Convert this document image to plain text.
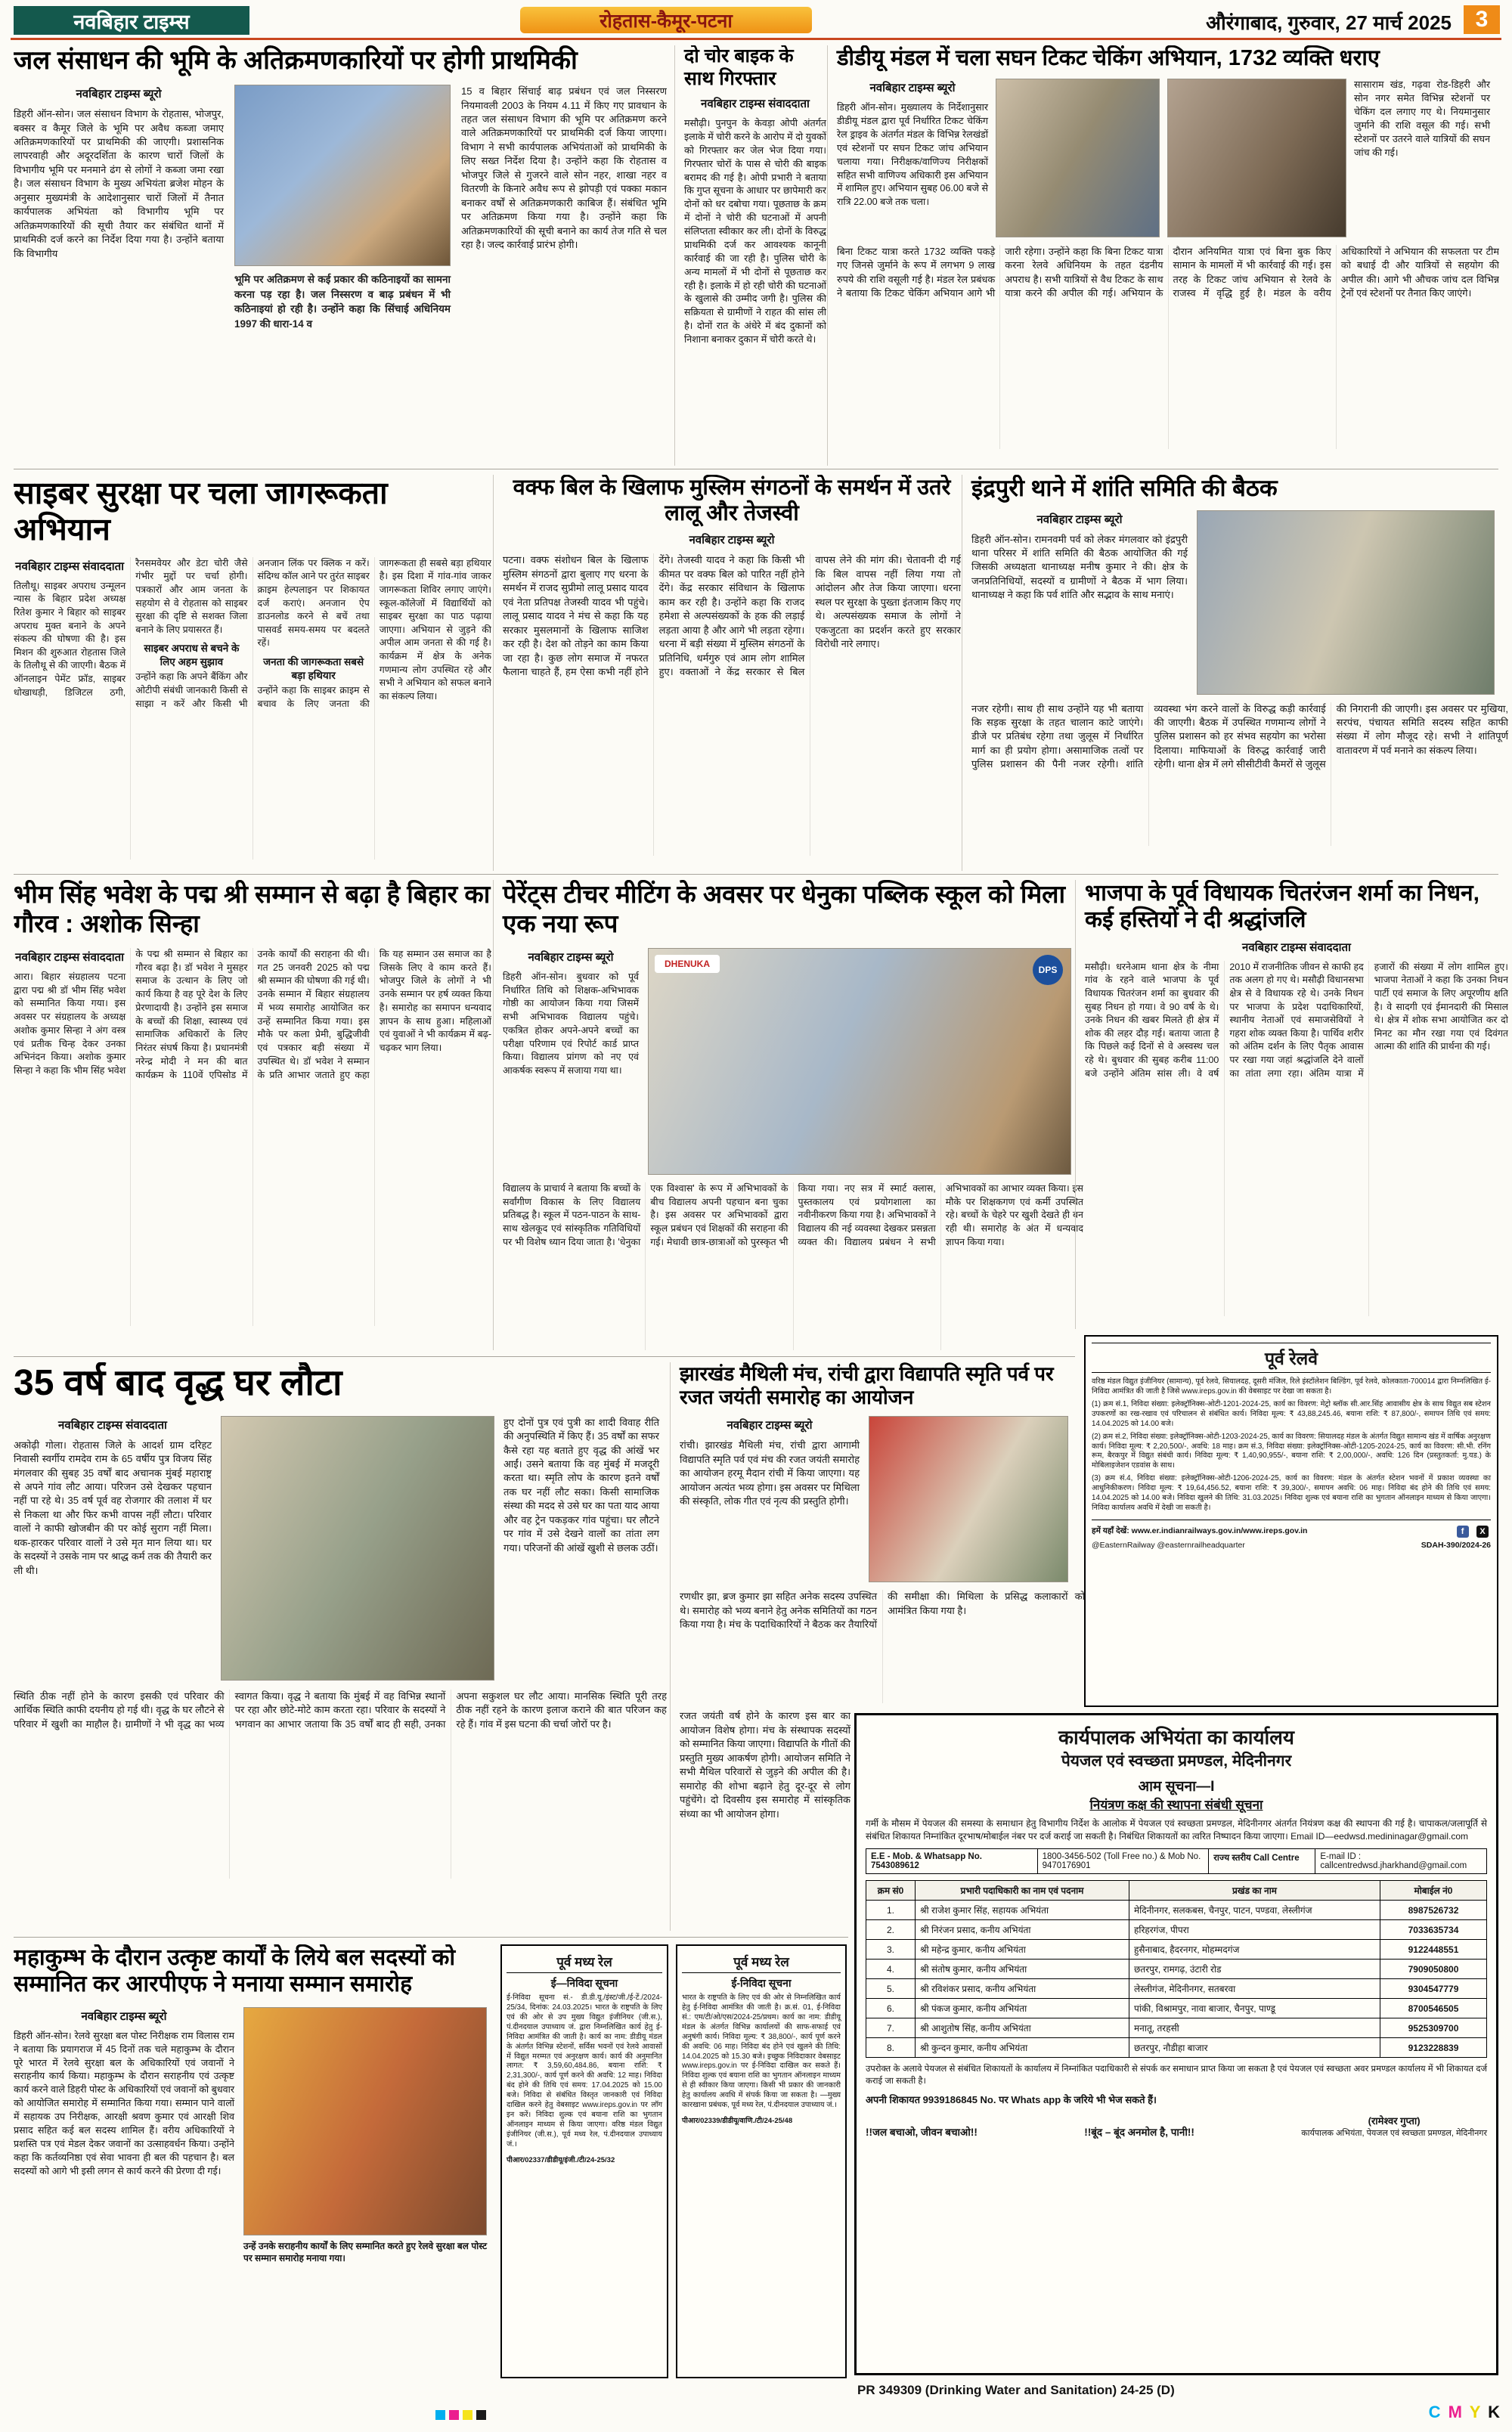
नवबिहार टाइम्स	रोहतास-कैमूर-पटना	औरंगाबाद, गुरुवार, 27 मार्च 2025	3
जल संसाधन की भूमि के अतिक्रमणकारियों पर होगी प्राथमिकी
नवबिहार टाइम्स ब्यूरो
डिहरी ऑन-सोन। जल संसाधन विभाग के रोहतास, भोजपुर, बक्सर व कैमूर जिले के भूमि पर अवैध कब्जा जमाए अतिक्रमणकारियों पर प्राथमिकी की जाएगी। प्रशासनिक लापरवाही और अदूरदर्शिता के कारण चारों जिलों के विभागीय भूमि पर मनमाने ढंग से लोगों ने कब्जा जमा रखा है। जल संसाधन विभाग के मुख्य अभियंता ब्रजेश मोहन के अनुसार मुख्यमंत्री के आदेशानुसार चारों जिलों में तैनात कार्यपालक अभियंता को विभागीय भूमि पर अतिक्रमणकारियों की सूची तैयार कर संबंधित थानों में प्राथमिकी दर्ज करने का निर्देश दिया गया है। उन्होंने बताया कि विभागीय
भूमि पर अतिक्रमण से कई प्रकार की कठिनाइयों का सामना करना पड़ रहा है। जल निस्सरण व बाढ़ प्रबंधन में भी कठिनाइयां हो रही है। उन्होंने कहा कि सिंचाई अधिनियम 1997 की धारा-14 व
15 व बिहार सिंचाई बाढ़ प्रबंधन एवं जल निस्सरण नियमावली 2003 के नियम 4.11 में किए गए प्रावधान के तहत जल संसाधन विभाग की भूमि पर अतिक्रमण करने वाले अतिक्रमणकारियों पर प्राथमिकी दर्ज किया जाएगा। विभाग ने सभी कार्यपालक अभियंताओं को प्राथमिकी के लिए सख्त निर्देश दिया है। उन्होंने कहा कि रोहतास व भोजपुर जिले से गुजरने वाले सोन नहर, शाखा नहर व वितरणी के किनारे अवैध रूप से झोपड़ी एवं पक्का मकान बनाकर वर्षों से अतिक्रमणकारी काबिज हैं। संबंधित भूमि पर अतिक्रमण किया गया है। उन्होंने कहा कि अतिक्रमणकारियों की सूची बनाने का कार्य तेज गति से चल रहा है। जल्द कार्रवाई प्रारंभ होगी।
दो चोर बाइक के साथ गिरफ्तार
नवबिहार टाइम्स संवाददाता
मसौढ़ी। पुनपुन के केवड़ा ओपी अंतर्गत इलाके में चोरी करने के आरोप में दो युवकों को गिरफ्तार कर जेल भेज दिया गया। गिरफ्तार चोरों के पास से चोरी की बाइक बरामद की गई है। ओपी प्रभारी ने बताया कि गुप्त सूचना के आधार पर छापेमारी कर दोनों को धर दबोचा गया। पूछताछ के क्रम में दोनों ने चोरी की घटनाओं में अपनी संलिप्तता स्वीकार कर ली। दोनों के विरुद्ध प्राथमिकी दर्ज कर आवश्यक कानूनी कार्रवाई की जा रही है। पुलिस चोरी के अन्य मामलों में भी दोनों से पूछताछ कर रही है। इलाके में हो रही चोरी की घटनाओं के खुलासे की उम्मीद जगी है। पुलिस की सक्रियता से ग्रामीणों ने राहत की सांस ली है। दोनों रात के अंधेरे में बंद दुकानों को निशाना बनाकर दुकान में चोरी करते थे।
डीडीयू मंडल में चला सघन टिकट चेकिंग अभियान, 1732 व्यक्ति धराए
नवबिहार टाइम्स ब्यूरो
डिहरी ऑन-सोन। मुख्यालय के निर्देशानुसार डीडीयू मंडल द्वारा पूर्व निर्धारित टिकट चेकिंग रेल ड्राइव के अंतर्गत मंडल के विभिन्न रेलखंडों एवं स्टेशनों पर सघन टिकट जांच अभियान चलाया गया। निरीक्षक/वाणिज्य निरीक्षकों सहित सभी वाणिज्य अधिकारी इस अभियान में शामिल हुए। अभियान सुबह 06.00 बजे से रात्रि 22.00 बजे तक चला।
सासाराम खंड, गढ़वा रोड-डिहरी और सोन नगर समेत विभिन्न स्टेशनों पर चेकिंग दल लगाए गए थे। नियमानुसार जुर्माने की राशि वसूल की गई। सभी स्टेशनों पर उतरने वाले यात्रियों की सघन जांच की गई।
बिना टिकट यात्रा करते 1732 व्यक्ति पकड़े गए जिनसे जुर्माने के रूप में लगभग 9 लाख रुपये की राशि वसूली गई है। मंडल रेल प्रबंधक ने बताया कि टिकट चेकिंग अभियान आगे भी जारी रहेगा। उन्होंने कहा कि बिना टिकट यात्रा करना रेलवे अधिनियम के तहत दंडनीय अपराध है। सभी यात्रियों से वैध टिकट के साथ यात्रा करने की अपील की गई। अभियान के दौरान अनियमित यात्रा एवं बिना बुक किए सामान के मामलों में भी कार्रवाई की गई। इस तरह के टिकट जांच अभियान से रेलवे के राजस्व में वृद्धि हुई है। मंडल के वरीय अधिकारियों ने अभियान की सफलता पर टीम को बधाई दी और यात्रियों से सहयोग की अपील की। आगे भी औचक जांच दल विभिन्न ट्रेनों एवं स्टेशनों पर तैनात किए जाएंगे।
साइबर सुरक्षा पर चला जागरूकता अभियान
नवबिहार टाइम्स संवाददाता
तिलौथू। साइबर अपराध उन्मूलन न्यास के बिहार प्रदेश अध्यक्ष रितेश कुमार ने बिहार को साइबर अपराध मुक्त बनाने के अपने संकल्प की घोषणा की है। इस मिशन की शुरुआत रोहतास जिले के तिलौथू से की जाएगी। बैठक में ऑनलाइन पेमेंट फ्रॉड, साइबर धोखाधड़ी, डिजिटल ठगी, रैनसमवेयर और डेटा चोरी जैसे गंभीर मुद्दों पर चर्चा होगी। पत्रकारों और आम जनता के सहयोग से वे रोहतास को साइबर सुरक्षा की दृष्टि से सशक्त जिला बनाने के लिए प्रयासरत हैं।
साइबर अपराध से बचने के लिए अहम सुझाव
उन्होंने कहा कि अपने बैंकिंग और ओटीपी संबंधी जानकारी किसी से साझा न करें और किसी भी अनजान लिंक पर क्लिक न करें। संदिग्ध कॉल आने पर तुरंत साइबर क्राइम हेल्पलाइन पर शिकायत दर्ज कराएं। अनजान ऐप डाउनलोड करने से बचें तथा पासवर्ड समय-समय पर बदलते रहें।
जनता की जागरूकता सबसे बड़ा हथियार
उन्होंने कहा कि साइबर क्राइम से बचाव के लिए जनता की जागरूकता ही सबसे बड़ा हथियार है। इस दिशा में गांव-गांव जाकर जागरूकता शिविर लगाए जाएंगे। स्कूल-कॉलेजों में विद्यार्थियों को साइबर सुरक्षा का पाठ पढ़ाया जाएगा। अभियान से जुड़ने की अपील आम जनता से की गई है। कार्यक्रम में क्षेत्र के अनेक गणमान्य लोग उपस्थित रहे और सभी ने अभियान को सफल बनाने का संकल्प लिया।
वक्फ बिल के खिलाफ मुस्लिम संगठनों के समर्थन में उतरे लालू और तेजस्वी
नवबिहार टाइम्स ब्यूरो
पटना। वक्फ संशोधन बिल के खिलाफ मुस्लिम संगठनों द्वारा बुलाए गए धरना के समर्थन में राजद सुप्रीमो लालू प्रसाद यादव एवं नेता प्रतिपक्ष तेजस्वी यादव भी पहुंचे। लालू प्रसाद यादव ने मंच से कहा कि यह सरकार मुसलमानों के खिलाफ साजिश कर रही है। देश को तोड़ने का काम किया जा रहा है। कुछ लोग समाज में नफरत फैलाना चाहते हैं, हम ऐसा कभी नहीं होने देंगे। तेजस्वी यादव ने कहा कि किसी भी कीमत पर वक्फ बिल को पारित नहीं होने देंगे। केंद्र सरकार संविधान के खिलाफ काम कर रही है। उन्होंने कहा कि राजद हमेशा से अल्पसंख्यकों के हक की लड़ाई लड़ता आया है और आगे भी लड़ता रहेगा। धरना में बड़ी संख्या में मुस्लिम संगठनों के प्रतिनिधि, धर्मगुरु एवं आम लोग शामिल हुए। वक्ताओं ने केंद्र सरकार से बिल वापस लेने की मांग की। चेतावनी दी गई कि बिल वापस नहीं लिया गया तो आंदोलन और तेज किया जाएगा। धरना स्थल पर सुरक्षा के पुख्ता इंतजाम किए गए थे। अल्पसंख्यक समाज के लोगों ने एकजुटता का प्रदर्शन करते हुए सरकार विरोधी नारे लगाए।
इंद्रपुरी थाने में शांति समिति की बैठक
नवबिहार टाइम्स ब्यूरो
डिहरी ऑन-सोन। रामनवमी पर्व को लेकर मंगलवार को इंद्रपुरी थाना परिसर में शांति समिति की बैठक आयोजित की गई जिसकी अध्यक्षता थानाध्यक्ष मनीष कुमार ने की। क्षेत्र के जनप्रतिनिधियों, सदस्यों व ग्रामीणों ने बैठक में भाग लिया। थानाध्यक्ष ने कहा कि पर्व शांति और सद्भाव के साथ मनाएं।
नजर रहेगी। साथ ही साथ उन्होंने यह भी बताया कि सड़क सुरक्षा के तहत चालान काटे जाएंगे। डीजे पर प्रतिबंध रहेगा तथा जुलूस में निर्धारित मार्ग का ही प्रयोग होगा। असामाजिक तत्वों पर पुलिस प्रशासन की पैनी नजर रहेगी। शांति व्यवस्था भंग करने वालों के विरुद्ध कड़ी कार्रवाई की जाएगी। बैठक में उपस्थित गणमान्य लोगों ने पुलिस प्रशासन को हर संभव सहयोग का भरोसा दिलाया। माफियाओं के विरुद्ध कार्रवाई जारी रहेगी। थाना क्षेत्र में लगे सीसीटीवी कैमरों से जुलूस की निगरानी की जाएगी। इस अवसर पर मुखिया, सरपंच, पंचायत समिति सदस्य सहित काफी संख्या में लोग मौजूद रहे। सभी ने शांतिपूर्ण वातावरण में पर्व मनाने का संकल्प लिया।
भीम सिंह भवेश के पद्म श्री सम्मान से बढ़ा है बिहार का गौरव : अशोक सिन्हा
नवबिहार टाइम्स संवाददाता
आरा। बिहार संग्रहालय पटना द्वारा पद्म श्री डॉ भीम सिंह भवेश को सम्मानित किया गया। इस अवसर पर संग्रहालय के अध्यक्ष अशोक कुमार सिन्हा ने अंग वस्त्र एवं प्रतीक चिन्ह देकर उनका अभिनंदन किया। अशोक कुमार सिन्हा ने कहा कि भीम सिंह भवेश के पद्म श्री सम्मान से बिहार का गौरव बढ़ा है। डॉ भवेश ने मुसहर समाज के उत्थान के लिए जो कार्य किया है वह पूरे देश के लिए प्रेरणादायी है। उन्होंने इस समाज के बच्चों की शिक्षा, स्वास्थ्य एवं सामाजिक अधिकारों के लिए निरंतर संघर्ष किया है। प्रधानमंत्री नरेन्द्र मोदी ने मन की बात कार्यक्रम के 110वें एपिसोड में उनके कार्यों की सराहना की थी। गत 25 जनवरी 2025 को पद्म श्री सम्मान की घोषणा की गई थी। उनके सम्मान में बिहार संग्रहालय में भव्य समारोह आयोजित कर उन्हें सम्मानित किया गया। इस मौके पर कला प्रेमी, बुद्धिजीवी एवं पत्रकार बड़ी संख्या में उपस्थित थे। डॉ भवेश ने सम्मान के प्रति आभार जताते हुए कहा कि यह सम्मान उस समाज का है जिसके लिए वे काम करते हैं। भोजपुर जिले के लोगों ने भी उनके सम्मान पर हर्ष व्यक्त किया है। समारोह का समापन धन्यवाद ज्ञापन के साथ हुआ। महिलाओं एवं युवाओं ने भी कार्यक्रम में बढ़-चढ़कर भाग लिया।
पेरेंट्स टीचर मीटिंग के अवसर पर धेनुका पब्लिक स्कूल को मिला एक नया रूप
नवबिहार टाइम्स ब्यूरो
डिहरी ऑन-सोन। बुधवार को पूर्व निर्धारित तिथि को शिक्षक-अभिभावक गोष्ठी का आयोजन किया गया जिसमें सभी अभिभावक विद्यालय पहुंचे। एकत्रित होकर अपने-अपने बच्चों का परीक्षा परिणाम एवं रिपोर्ट कार्ड प्राप्त किया। विद्यालय प्रांगण को नए एवं आकर्षक स्वरूप में सजाया गया था।
DHENUKA
DPS
विद्यालय के प्राचार्य ने बताया कि बच्चों के सर्वांगीण विकास के लिए विद्यालय प्रतिबद्ध है। स्कूल में पठन-पाठन के साथ-साथ खेलकूद एवं सांस्कृतिक गतिविधियों पर भी विशेष ध्यान दिया जाता है। 'धेनुका एक विश्वास' के रूप में अभिभावकों के बीच विद्यालय अपनी पहचान बना चुका है। इस अवसर पर अभिभावकों द्वारा स्कूल प्रबंधन एवं शिक्षकों की सराहना की गई। मेधावी छात्र-छात्राओं को पुरस्कृत भी किया गया। नए सत्र में स्मार्ट क्लास, पुस्तकालय एवं प्रयोगशाला का नवीनीकरण किया गया है। अभिभावकों ने विद्यालय की नई व्यवस्था देखकर प्रसन्नता व्यक्त की। विद्यालय प्रबंधन ने सभी अभिभावकों का आभार व्यक्त किया। इस मौके पर शिक्षकगण एवं कर्मी उपस्थित रहे। बच्चों के चेहरे पर खुशी देखते ही बन रही थी। समारोह के अंत में धन्यवाद ज्ञापन किया गया।
भाजपा के पूर्व विधायक चितरंजन शर्मा का निधन, कई हस्तियों ने दी श्रद्धांजलि
नवबिहार टाइम्स संवाददाता
मसौढ़ी। धरनेआम थाना क्षेत्र के नीमा गांव के रहने वाले भाजपा के पूर्व विधायक चितरंजन शर्मा का बुधवार की सुबह निधन हो गया। वे 90 वर्ष के थे। उनके निधन की खबर मिलते ही क्षेत्र में शोक की लहर दौड़ गई। बताया जाता है कि पिछले कई दिनों से वे अस्वस्थ चल रहे थे। बुधवार की सुबह करीब 11:00 बजे उन्होंने अंतिम सांस ली। वे वर्ष 2010 में राजनीतिक जीवन से काफी हद तक अलग हो गए थे। मसौढ़ी विधानसभा क्षेत्र से वे विधायक रहे थे। उनके निधन पर भाजपा के प्रदेश पदाधिकारियों, स्थानीय नेताओं एवं समाजसेवियों ने गहरा शोक व्यक्त किया है। पार्थिव शरीर को अंतिम दर्शन के लिए पैतृक आवास पर रखा गया जहां श्रद्धांजलि देने वालों का तांता लगा रहा। अंतिम यात्रा में हजारों की संख्या में लोग शामिल हुए। भाजपा नेताओं ने कहा कि उनका निधन पार्टी एवं समाज के लिए अपूरणीय क्षति है। वे सादगी एवं ईमानदारी की मिसाल थे। क्षेत्र में शोक सभा आयोजित कर दो मिनट का मौन रखा गया एवं दिवंगत आत्मा की शांति की प्रार्थना की गई।
पूर्व रेलवे
वरिष्ठ मंडल विद्युत इंजीनियर (सामान्य), पूर्व रेलवे, सियालदह, दूसरी मंजिल, रिले इंस्टॉलेशन बिल्डिंग, पूर्व रेलवे, कोलकाता-700014 द्वारा निम्नलिखित ई-निविदा आमंत्रित की जाती है जिसे www.ireps.gov.in की वेबसाइट पर देखा जा सकता है।
(1) क्रम सं.1, निविदा संख्या: इलेक्ट्रॉनिक्स-ओटी-1201-2024-25, कार्य का विवरण: मेट्रो ब्लॉक सी.आर.सिंह आवासीय क्षेत्र के साथ विद्युत सब स्टेशन उपकरणों का रख-रखाव एवं परिचालन से संबंधित कार्य। निविदा मूल्य: ₹ 43,88,245.46, बयाना राशि: ₹ 87,800/-, समापन तिथि एवं समय: 14.04.2025 को 14.00 बजे।
(2) क्रम सं.2, निविदा संख्या: इलेक्ट्रॉनिक्स-ओटी-1203-2024-25, कार्य का विवरण: सियालदह मंडल के अंतर्गत विद्युत सामान्य खंड में वार्षिक अनुरक्षण कार्य। निविदा मूल्य: ₹ 2,20,500/-, अवधि: 18 माह। क्रम सं.3, निविदा संख्या: इलेक्ट्रॉनिक्स-ओटी-1205-2024-25, कार्य का विवरण: सी.भी. रनिंग रूम, बैरकपुर में विद्युत संबंधी कार्य। निविदा मूल्य: ₹ 1,40,90,955/-, बयाना राशि: ₹ 2,00,000/-, अवधि: 126 दिन (प्रस्तुतकर्ता: मु.यड.) के मोबिलाइजेशन एडवांस के साथ।
(3) क्रम सं.4, निविदा संख्या: इलेक्ट्रॉनिक्स-ओटी-1206-2024-25, कार्य का विवरण: मंडल के अंतर्गत स्टेशन भवनों में प्रकाश व्यवस्था का आधुनिकीकरण। निविदा मूल्य: ₹ 19,64,456.52, बयाना राशि: ₹ 39,300/-, समापन अवधि: 06 माह। निविदा बंद होने की तिथि एवं समय: 14.04.2025 को 14.00 बजे। निविदा खुलने की तिथि: 31.03.2025। निविदा शुल्क एवं बयाना राशि का भुगतान ऑनलाइन माध्यम से किया जाएगा। निविदा कार्यालय अवधि में देखी जा सकती है।
हमें यहाँ देखें: www.er.indianrailways.gov.in/www.ireps.gov.in	f X
@EasternRailway @easternrailheadquarter	SDAH-390/2024-26
35 वर्ष बाद वृद्ध घर लौटा
नवबिहार टाइम्स संवाददाता
अकोढ़ी गोला। रोहतास जिले के आदर्श ग्राम दरिहट निवासी स्वर्गीय रामदेव राम के 65 वर्षीय पुत्र विजय सिंह मंगलवार की सुबह 35 वर्षों बाद अचानक मुंबई महाराष्ट्र से अपने गांव लौट आया। परिजन उसे देखकर पहचान नहीं पा रहे थे। 35 वर्ष पूर्व वह रोजगार की तलाश में घर से निकला था और फिर कभी वापस नहीं लौटा। परिवार वालों ने काफी खोजबीन की पर कोई सुराग नहीं मिला। थक-हारकर परिवार वालों ने उसे मृत मान लिया था। घर के सदस्यों ने उसके नाम पर श्राद्ध कर्म तक की तैयारी कर ली थी।
हुए दोनों पुत्र एवं पुत्री का शादी विवाह रीति की अनुपस्थिति में किए हैं। 35 वर्षों का सफर कैसे रहा यह बताते हुए वृद्ध की आंखें भर आईं। उसने बताया कि वह मुंबई में मजदूरी करता था। स्मृति लोप के कारण इतने वर्षों तक घर नहीं लौट सका। किसी सामाजिक संस्था की मदद से उसे घर का पता याद आया और वह ट्रेन पकड़कर गांव पहुंचा। घर लौटने पर गांव में उसे देखने वालों का तांता लग गया। परिजनों की आंखें खुशी से छलक उठीं।
स्थिति ठीक नहीं होने के कारण इसकी एवं परिवार की आर्थिक स्थिति काफी दयनीय हो गई थी। वृद्ध के घर लौटने से परिवार में खुशी का माहौल है। ग्रामीणों ने भी वृद्ध का भव्य स्वागत किया। वृद्ध ने बताया कि मुंबई में वह विभिन्न स्थानों पर रहा और छोटे-मोटे काम करता रहा। परिवार के सदस्यों ने भगवान का आभार जताया कि 35 वर्षों बाद ही सही, उनका अपना सकुशल घर लौट आया। मानसिक स्थिति पूरी तरह ठीक नहीं रहने के कारण इलाज कराने की बात परिजन कह रहे हैं। गांव में इस घटना की चर्चा जोरों पर है।
झारखंड मैथिली मंच, रांची द्वारा विद्यापति स्मृति पर्व पर रजत जयंती समारोह का आयोजन
नवबिहार टाइम्स ब्यूरो
रांची। झारखंड मैथिली मंच, रांची द्वारा आगामी विद्यापति स्मृति पर्व एवं मंच की रजत जयंती समारोह का आयोजन हरमू मैदान रांची में किया जाएगा। यह आयोजन अत्यंत भव्य होगा। इस अवसर पर मिथिला की संस्कृति, लोक गीत एवं नृत्य की प्रस्तुति होगी।
रणधीर झा, ब्रज कुमार झा सहित अनेक सदस्य उपस्थित थे। समारोह को भव्य बनाने हेतु अनेक समितियों का गठन किया गया है। मंच के पदाधिकारियों ने बैठक कर तैयारियों की समीक्षा की। मिथिला के प्रसिद्ध कलाकारों को आमंत्रित किया गया है।
रजत जयंती वर्ष होने के कारण इस बार का आयोजन विशेष होगा। मंच के संस्थापक सदस्यों को सम्मानित किया जाएगा। विद्यापति के गीतों की प्रस्तुति मुख्य आकर्षण होगी। आयोजन समिति ने सभी मैथिल परिवारों से जुड़ने की अपील की है। समारोह की शोभा बढ़ाने हेतु दूर-दूर से लोग पहुंचेंगे। दो दिवसीय इस समारोह में सांस्कृतिक संध्या का भी आयोजन होगा।
महाकुम्भ के दौरान उत्कृष्ट कार्यों के लिये बल सदस्यों को सम्मानित कर आरपीएफ ने मनाया सम्मान समारोह
नवबिहार टाइम्स ब्यूरो
डिहरी ऑन-सोन। रेलवे सुरक्षा बल पोस्ट निरीक्षक राम विलास राम ने बताया कि प्रयागराज में 45 दिनों तक चले महाकुम्भ के दौरान पूरे भारत में रेलवे सुरक्षा बल के अधिकारियों एवं जवानों ने सराहनीय कार्य किया। महाकुम्भ के दौरान सराहनीय एवं उत्कृष्ट कार्य करने वाले डिहरी पोस्ट के अधिकारियों एवं जवानों को बुधवार को आयोजित समारोह में सम्मानित किया गया। सम्मान पाने वालों में सहायक उप निरीक्षक, आरक्षी श्रवण कुमार एवं आरक्षी शिव प्रसाद सहित कई बल सदस्य शामिल हैं। वरीय अधिकारियों ने प्रशस्ति पत्र एवं मेडल देकर जवानों का उत्साहवर्धन किया। उन्होंने कहा कि कर्तव्यनिष्ठा एवं सेवा भावना ही बल की पहचान है। बल सदस्यों को आगे भी इसी लगन से कार्य करने की प्रेरणा दी गई।
उन्हें उनके सराहनीय कार्यों के लिए सम्मानित करते हुए रेलवे सुरक्षा बल पोस्ट पर सम्मान समारोह मनाया गया।
पूर्व मध्य रेल
ई—निविदा सूचना
ई-निविदा सूचना सं.- डी.डी.यू./इंस्ट/जी./ई-टें./2024-25/34, दिनांक: 24.03.2025। भारत के राष्ट्रपति के लिए एवं की ओर से उप मुख्य विद्युत इंजीनियर (जी.स.), पं.दीनदयाल उपाध्याय जं. द्वारा निम्नलिखित कार्य हेतु ई-निविदा आमंत्रित की जाती है। कार्य का नाम: डीडीयू मंडल के अंतर्गत विभिन्न स्टेशनों, सर्विस भवनों एवं रेलवे आवासों में विद्युत मरम्मत एवं अनुरक्षण कार्य। कार्य की अनुमानित लागत: ₹ 3,59,60,484.86, बयाना राशि: ₹ 2,31,300/-, कार्य पूर्ण करने की अवधि: 12 माह। निविदा बंद होने की तिथि एवं समय: 17.04.2025 को 15.00 बजे। निविदा से संबंधित विस्तृत जानकारी एवं निविदा दाखिल करने हेतु वेबसाइट www.ireps.gov.in पर लॉग इन करें। निविदा शुल्क एवं बयाना राशि का भुगतान ऑनलाइन माध्यम से किया जाएगा। वरिष्ठ मंडल विद्युत इंजीनियर (जी.स.), पूर्व मध्य रेल, पं.दीनदयाल उपाध्याय जं.।
पीआर/02337/डीडीयू/इंजी./टी/24-25/32
पूर्व मध्य रेल
ई-निविदा सूचना
भारत के राष्ट्रपति के लिए एवं की ओर से निम्नलिखित कार्य हेतु ई-निविदा आमंत्रित की जाती है। क्र.सं. 01, ई-निविदा सं.: एम/टी/ओ/एस/2024-25/प्रथम। कार्य का नाम: डीडीयू मंडल के अंतर्गत विभिन्न कार्यालयों की साफ-सफाई एवं अनुषंगी कार्य। निविदा मूल्य: ₹ 38,800/-, कार्य पूर्ण करने की अवधि: 06 माह। निविदा बंद होने एवं खुलने की तिथि: 14.04.2025 को 15.30 बजे। इच्छुक निविदाकार वेबसाइट www.ireps.gov.in पर ई-निविदा दाखिल कर सकते हैं। निविदा शुल्क एवं बयाना राशि का भुगतान ऑनलाइन माध्यम से ही स्वीकार किया जाएगा। किसी भी प्रकार की जानकारी हेतु कार्यालय अवधि में संपर्क किया जा सकता है। —मुख्य कारखाना प्रबंधक, पूर्व मध्य रेल, पं.दीनदयाल उपाध्याय जं.।
पीआर/02339/डीडीयू/वाणि./टी/24-25/48
कार्यपालक अभियंता का कार्यालय
पेयजल एवं स्वच्छता प्रमण्डल, मेदिनीनगर
आम सूचना—I
नियंत्रण कक्ष की स्थापना संबंधी सूचना
गर्मी के मौसम में पेयजल की समस्या के समाधान हेतु विभागीय निर्देश के आलोक में पेयजल एवं स्वच्छता प्रमण्डल, मेदिनीनगर अंतर्गत नियंत्रण कक्ष की स्थापना की गई है। चापाकल/जलापूर्ति से संबंधित शिकायत निम्नांकित दूरभाष/मोबाईल नंबर पर दर्ज कराई जा सकती है। निबंधित शिकायतों का त्वरित निष्पादन किया जाएगा। Email ID—eedwsd.medininagar@gmail.com
E.E - Mob. & Whatsapp No. 7543089612
1800-3456-502 (Toll Free no.) & Mob No. 9470176901
राज्य स्तरीय Call Centre	E-mail ID : callcentredwsd.jharkhand@gmail.com
क्रम सं0	प्रभारी पदाधिकारी का नाम एवं पदनाम	प्रखंड का नाम	मोबाईल नं0
1.	श्री राजेश कुमार सिंह, सहायक अभियंता	मेदिनीनगर, सलकबस, चैनपुर, पाटन, पण्डवा, लेस्लीगंज	8987526732
2.	श्री निरंजन प्रसाद, कनीय अभियंता	हरिहरगंज, पीपरा	7033635734
3.	श्री महेन्द्र कुमार, कनीय अभियंता	हुसैनाबाद, हैदरनगर, मोहम्मदगंज	9122448551
4.	श्री संतोष कुमार, कनीय अभियंता	छतरपुर, रामगढ़, उंटारी रोड	7909050800
5.	श्री रविशंकर प्रसाद, कनीय अभियंता	लेस्लीगंज, मेदिनीनगर, सतबरवा	9304547779
6.	श्री पंकज कुमार, कनीय अभियंता	पांकी, विश्रामपुर, नावा बाजार, चैनपुर, पाण्डू	8700546505
7.	श्री आशुतोष सिंह, कनीय अभियंता	मनातू, तरहसी	9525309700
8.	श्री कुन्दन कुमार, कनीय अभियंता	छतरपुर, नौडीहा बाजार	9123228839
उपरोक्त के अलावे पेयजल से संबंधित शिकायतों के कार्यालय में निम्नांकित पदाधिकारी से संपर्क कर समाधान प्राप्त किया जा सकता है एवं पेयजल एवं स्वच्छता अवर प्रमण्डल कार्यालय में भी शिकायत दर्ज कराई जा सकती है।
अपनी शिकायत 9939186845 No. पर Whats app के जरिये भी भेज सकते हैं।
!!जल बचाओ, जीवन बचाओ!!	!!बूंद – बूंद अनमोल है, पानी!!
(रामेश्वर गुप्ता)
कार्यपालक अभियंता, पेयजल एवं स्वच्छता प्रमण्डल, मेदिनीनगर
PR 349309 (Drinking Water and Sanitation) 24-25 (D)
C M Y K
